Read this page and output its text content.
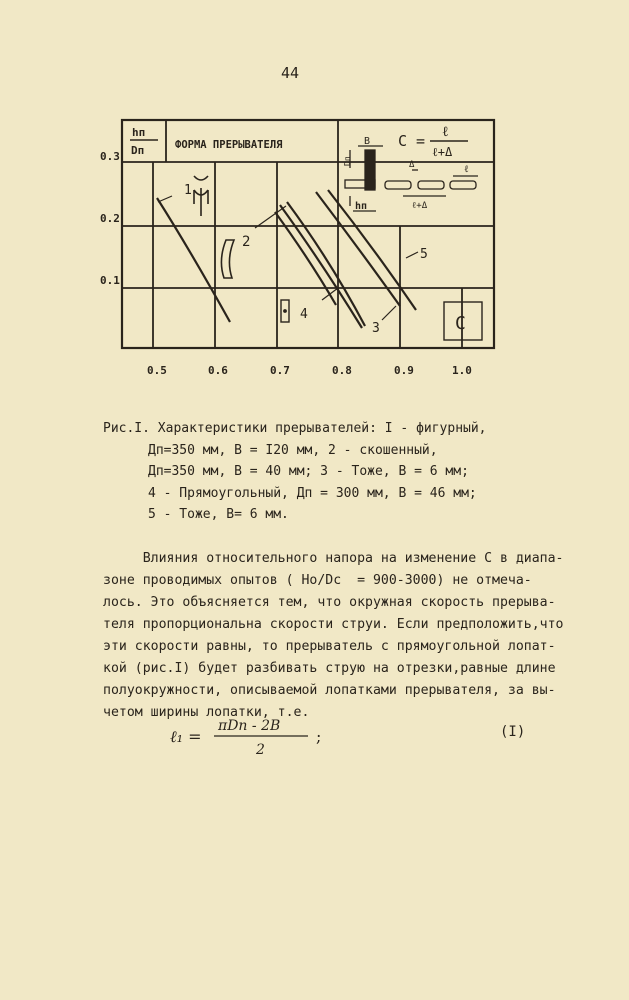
44
hп
Dп	ФОРМА ПРЕРЫВАТЕЛЯ	C = ℓ
ℓ+Δ
B
Dп
hп
Δ	ℓ
ℓ+Δ
1
2
4
3
5
C
0.3
0.2
0.1
0.5	0.6	0.7	0.8	0.9	1.0
Рис.I. Характеристики прерывателей: I - фигурный,
Дп=350 мм, В = I20 мм, 2 - скошенный,
Дп=350 мм, В = 40 мм; 3 - Тоже, В = 6 мм;
4 - Прямоугольный, Дп = 300 мм, В = 46 мм;
5 - Тоже, В= 6 мм.
Влияния относительного напора на изменение С в диапа-
зоне проводимых опытов ( Hо/Dc  = 900-3000) не отмеча-
лось. Это объясняется тем, что окружная скорость прерыва-
теля пропорциональна скорости струи. Если предположить,что
эти скорости равны, то прерыватель с прямоугольной лопат-
кой (рис.I) будет разбивать струю на отрезки,равные длине
полуокружности, описываемой лопатками прерывателя, за вы-
четом ширины лопатки, т.е.
ℓ₁ =
πDп - 2B
2
;	(I)
